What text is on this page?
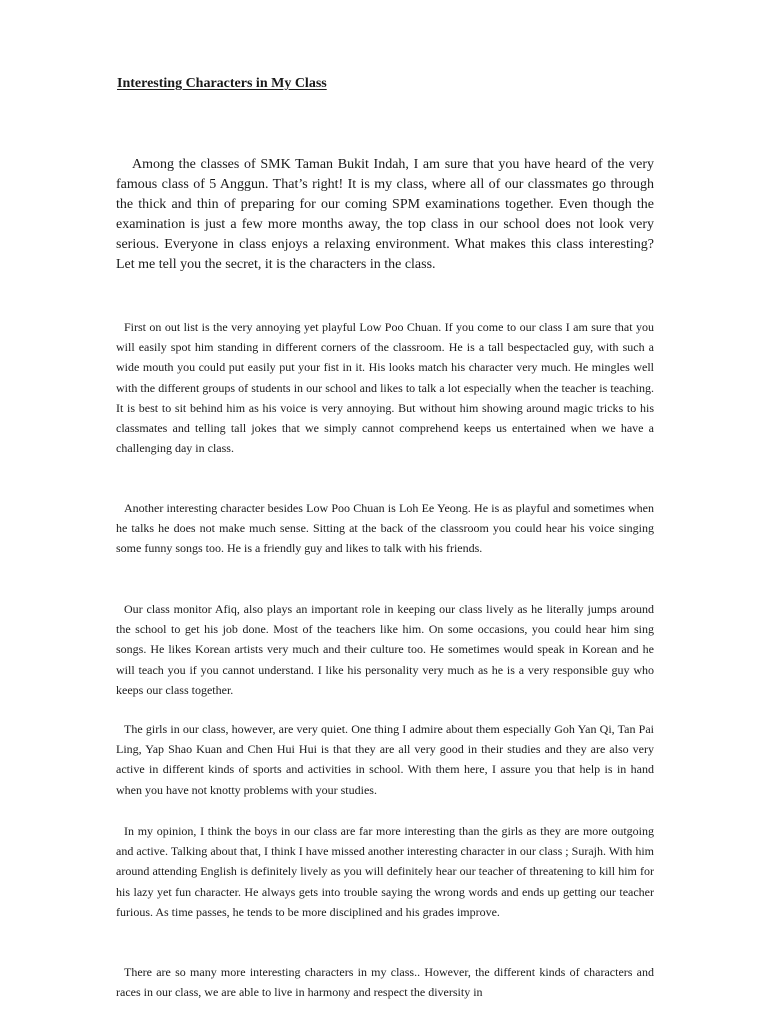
Interesting Characters in My Class

Among the classes of SMK Taman Bukit Indah, I am sure that you have heard of the very famous class of 5 Anggun. That’s right! It is my class, where all of our classmates go through the thick and thin of preparing for our coming SPM examinations together. Even though the examination is just a few more months away, the top class in our school does not look very serious. Everyone in class enjoys a relaxing environment. What makes this class interesting? Let me tell you the secret, it is the characters in the class.

First on out list is the very annoying yet playful Low Poo Chuan. If you come to our class I am sure that you will easily spot him standing in different corners of the classroom. He is a tall bespectacled guy, with such a wide mouth you could put easily put your fist in it. His looks match his character very much. He mingles well with the different groups of students in our school and likes to talk a lot especially when the teacher is teaching. It is best to sit behind him as his voice is very annoying. But without him showing around magic tricks to his classmates and telling tall jokes that we simply cannot comprehend keeps us entertained when we have a challenging day in class.

Another interesting character besides Low Poo Chuan is Loh Ee Yeong. He is as playful and sometimes when he talks he does not make much sense. Sitting at the back of the classroom you could hear his voice singing some funny songs too. He is a friendly guy and likes to talk with his friends.

Our class monitor Afiq, also plays an important role in keeping our class lively as he literally jumps around the school to get his job done. Most of the teachers like him. On some occasions, you could hear him sing songs. He likes Korean artists very much and their culture too. He sometimes would speak in Korean and he will teach you if you cannot understand. I like his personality very much as he is a very responsible guy who keeps our class together.

The girls in our class, however, are very quiet. One thing I admire about them especially Goh Yan Qi, Tan Pai Ling, Yap Shao Kuan and Chen Hui Hui is that they are all very good in their studies and they are also very active in different kinds of sports and activities in school. With them here, I assure you that help is in hand when you have not knotty problems with your studies.

In my opinion, I think the boys in our class are far more interesting than the girls as they are more outgoing and active. Talking about that, I think I have missed another interesting character in our class ; Surajh. With him around attending English is definitely lively as you will definitely hear our teacher of threatening to kill him for his lazy yet fun character. He always gets into trouble saying the wrong words and ends up getting our teacher furious. As time passes, he tends to be more disciplined and his grades improve.

There are so many more interesting characters in my class.. However, the different kinds of characters and races in our class, we are able to live in harmony and respect the diversity in
